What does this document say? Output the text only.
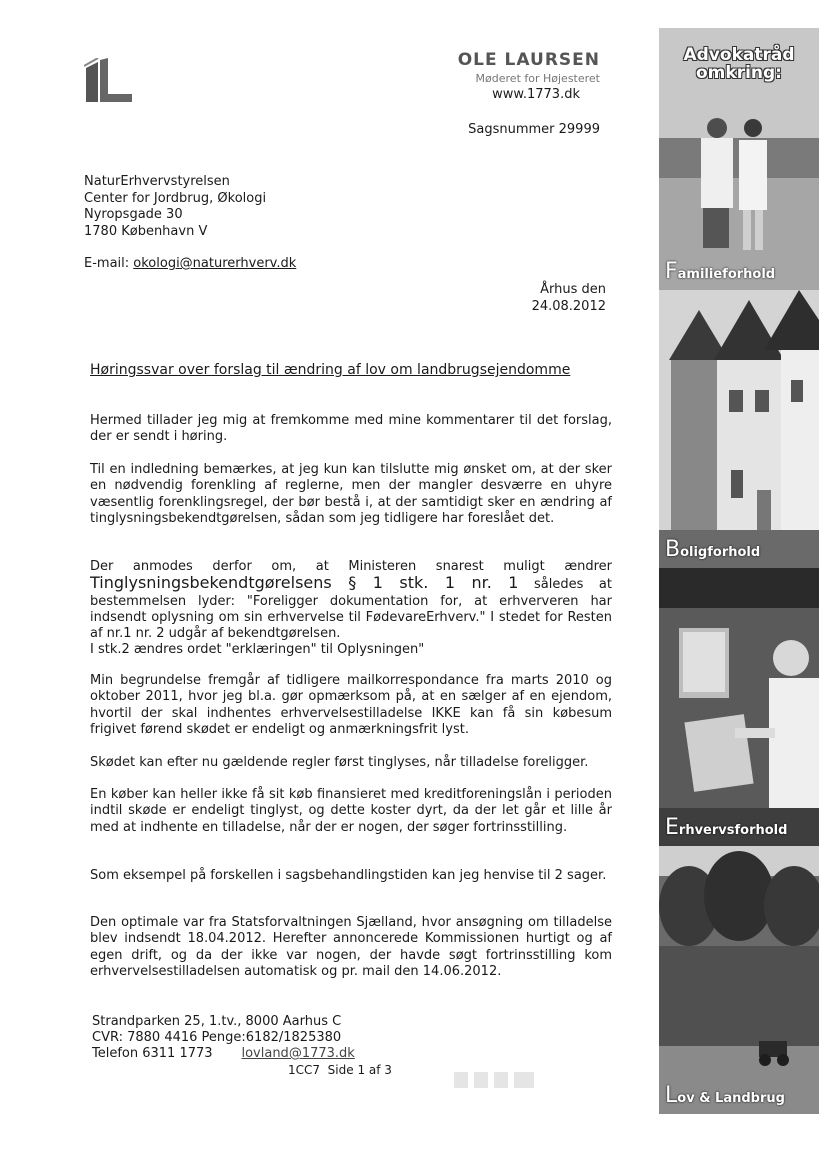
OLE LAURSEN
Møderet for Højesteret
www.1773.dk
Sagsnummer 29999
NaturErhvervstyrelsen
Center for Jordbrug, Økologi
Nyropsgade 30
1780 København V
E-mail: okologi@naturerhverv.dk
Århus den
24.08.2012
Høringssvar over forslag til ændring af lov om landbrugsejendomme
Hermed tillader jeg mig at fremkomme med mine kommentarer til det forslag, der er sendt i høring.
Til en indledning bemærkes, at jeg kun kan tilslutte mig ønsket om, at der sker en nødvendig forenkling af reglerne, men der mangler desværre en uhyre væsentlig forenklingsregel, der bør bestå i, at der samtidigt sker en ændring af tinglysningsbekendtgørelsen, sådan som jeg tidligere har foreslået det.
Der anmodes derfor om, at Ministeren snarest muligt ændrer
Tinglysningsbekendtgørelsens § 1 stk. 1 nr. 1 således at bestemmelsen lyder: "Foreligger dokumentation for, at erhververen har indsendt oplysning om sin erhvervelse til FødevareErhverv." I stedet for Resten af nr.1 nr. 2 udgår af bekendtgørelsen.
I stk.2 ændres ordet "erklæringen" til Oplysningen"
Min begrundelse fremgår af tidligere mailkorrespondance fra marts 2010 og oktober 2011, hvor jeg bl.a. gør opmærksom på, at en sælger af en ejendom, hvortil der skal indhentes erhvervelsestilladelse IKKE kan få sin købesum frigivet førend skødet er endeligt og anmærkningsfrit lyst.
Skødet kan efter nu gældende regler først tinglyses, når tilladelse foreligger.
En køber kan heller ikke få sit køb finansieret med kreditforeningslån i perioden indtil skøde er endeligt tinglyst, og dette koster dyrt, da der let går et lille år med at indhente en tilladelse, når der er nogen, der søger fortrinsstilling.
Som eksempel på forskellen i sagsbehandlingstiden kan jeg henvise til 2 sager.
Den optimale var fra Statsforvaltningen Sjælland, hvor ansøgning om tilladelse blev indsendt 18.04.2012. Herefter annoncerede Kommissionen hurtigt og af egen drift, og da der ikke var nogen, der havde søgt fortrinsstilling kom erhvervelsestilladelsen automatisk og pr. mail den 14.06.2012.
Strandparken 25, 1.tv., 8000 Aarhus C
CVR: 7880 4416 Penge:6182/1825380
Telefon 6311 1773 lovland@1773.dk
1CC7 Side 1 af 3
Advokatråd
omkring:
Familieforhold
Boligforhold
Erhvervsforhold
Lov & Landbrug
